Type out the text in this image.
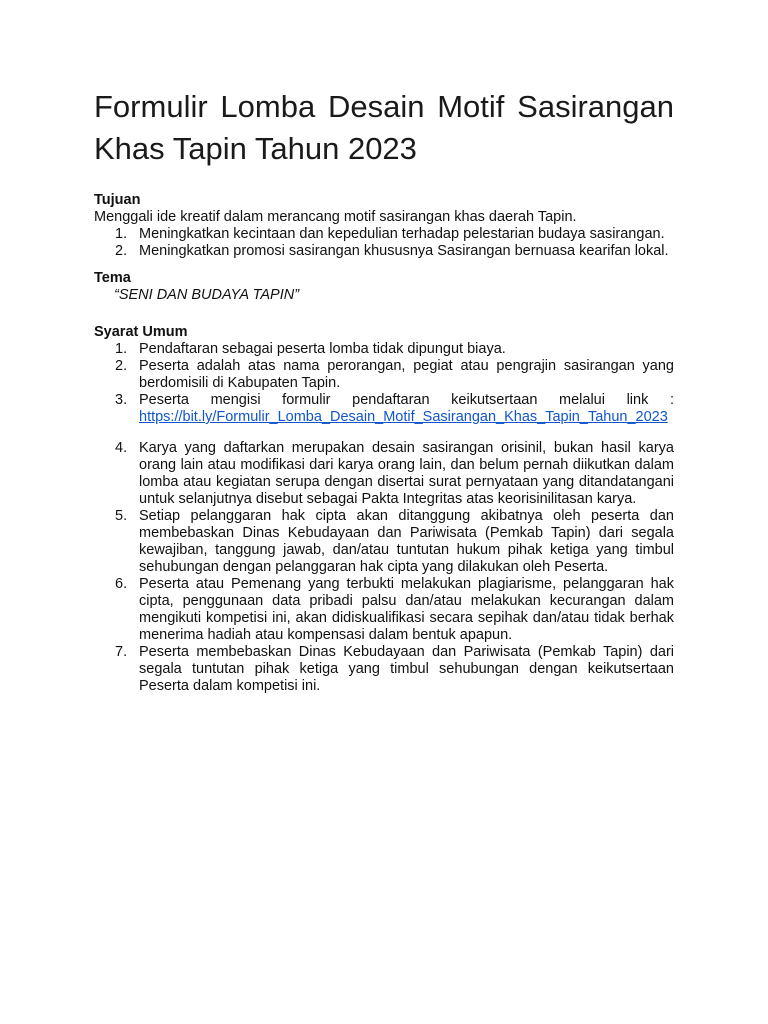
Formulir Lomba Desain Motif Sasirangan Khas Tapin Tahun 2023

Tujuan

Menggali ide kreatif dalam merancang motif sasirangan khas daerah Tapin.

1. Meningkatkan kecintaan dan kepedulian terhadap pelestarian budaya sasirangan.
2. Meningkatkan promosi sasirangan khususnya Sasirangan bernuasa kearifan lokal.

Tema

“SENI DAN BUDAYA TAPIN”

Syarat Umum

1. Pendaftaran sebagai peserta lomba tidak dipungut biaya.
2. Peserta adalah atas nama perorangan, pegiat atau pengrajin sasirangan yang berdomisili di Kabupaten Tapin.
3. Peserta mengisi formulir pendaftaran keikutsertaan melalui link : https://bit.ly/Formulir_Lomba_Desain_Motif_Sasirangan_Khas_Tapin_Tahun_2023
4. Karya yang daftarkan merupakan desain sasirangan orisinil, bukan hasil karya orang lain atau modifikasi dari karya orang lain, dan belum pernah diikutkan dalam lomba atau kegiatan serupa dengan disertai surat pernyataan yang ditandatangani untuk selanjutnya disebut sebagai Pakta Integritas atas keorisinilitasan karya.
5. Setiap pelanggaran hak cipta akan ditanggung akibatnya oleh peserta dan membebaskan Dinas Kebudayaan dan Pariwisata (Pemkab Tapin) dari segala kewajiban, tanggung jawab, dan/atau tuntutan hukum pihak ketiga yang timbul sehubungan dengan pelanggaran hak cipta yang dilakukan oleh Peserta.
6. Peserta atau Pemenang yang terbukti melakukan plagiarisme, pelanggaran hak cipta, penggunaan data pribadi palsu dan/atau melakukan kecurangan dalam mengikuti kompetisi ini, akan didiskualifikasi secara sepihak dan/atau tidak berhak menerima hadiah atau kompensasi dalam bentuk apapun.
7. Peserta membebaskan Dinas Kebudayaan dan Pariwisata (Pemkab Tapin) dari segala tuntutan pihak ketiga yang timbul sehubungan dengan keikutsertaan Peserta dalam kompetisi ini.
